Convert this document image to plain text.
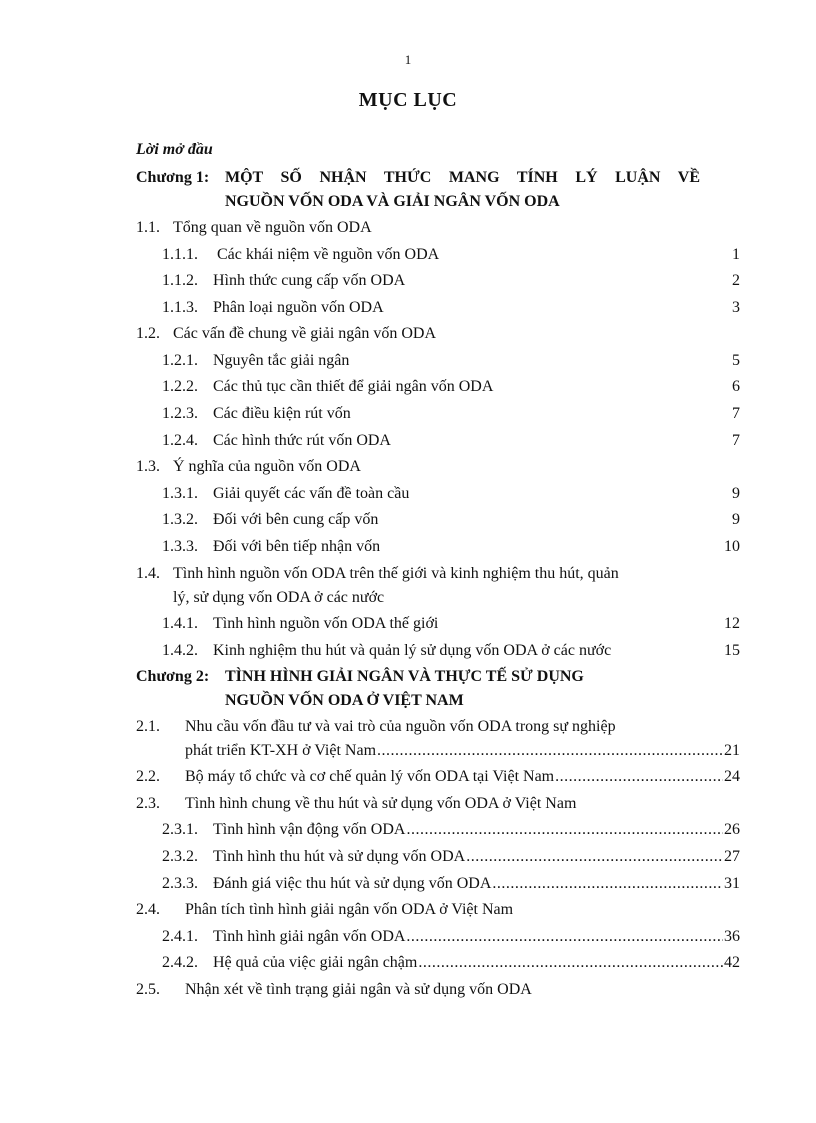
1
MỤC LỤC
Lời mở đầu
Chương 1: MỘT SỐ NHẬN THỨC MANG TÍNH LÝ LUẬN VỀ
NGUỒN VỐN ODA VÀ GIẢI NGÂN VỐN ODA
1.1. Tổng quan về nguồn vốn ODA
1.1.1. Các khái niệm về nguồn vốn ODA	1
1.1.2. Hình thức cung cấp vốn ODA	2
1.1.3. Phân loại nguồn vốn ODA	3
1.2. Các vấn đề chung về giải ngân vốn ODA
1.2.1. Nguyên tắc giải ngân	5
1.2.2. Các thủ tục cần thiết để giải ngân vốn ODA	6
1.2.3. Các điều kiện rút vốn	7
1.2.4. Các hình thức rút vốn ODA	7
1.3. Ý nghĩa của nguồn vốn ODA
1.3.1. Giải quyết các vấn đề toàn cầu	9
1.3.2. Đối với bên cung cấp vốn	9
1.3.3. Đối với bên tiếp nhận vốn	10
1.4. Tình hình nguồn vốn ODA trên thế giới và kinh nghiệm thu hút, quản
lý, sử dụng vốn ODA ở các nước
1.4.1. Tình hình nguồn vốn ODA thế giới	12
1.4.2. Kinh nghiệm thu hút và quản lý sử dụng vốn ODA ở các nước	15
Chương 2: TÌNH HÌNH GIẢI NGÂN VÀ THỰC TẾ SỬ DỤNG
NGUỒN VỐN ODA Ở VIỆT NAM
2.1. Nhu cầu vốn đầu tư và vai trò của nguồn vốn ODA trong sự nghiệp
phát triển KT-XH ở Việt Nam .....	21
2.2. Bộ máy tổ chức và cơ chế quản lý vốn ODA tại Việt Nam .....	24
2.3. Tình hình chung về thu hút và sử dụng vốn ODA ở Việt Nam
2.3.1. Tình hình vận động vốn ODA .....	26
2.3.2. Tình hình thu hút và sử dụng vốn ODA .....	27
2.3.3. Đánh giá việc thu hút và sử dụng vốn ODA .....	31
2.4. Phân tích tình hình giải ngân vốn ODA ở Việt Nam
2.4.1. Tình hình giải ngân vốn ODA .....	36
2.4.2. Hệ quả của việc giải ngân chậm .....	42
2.5. Nhận xét về tình trạng giải ngân và sử dụng vốn ODA
